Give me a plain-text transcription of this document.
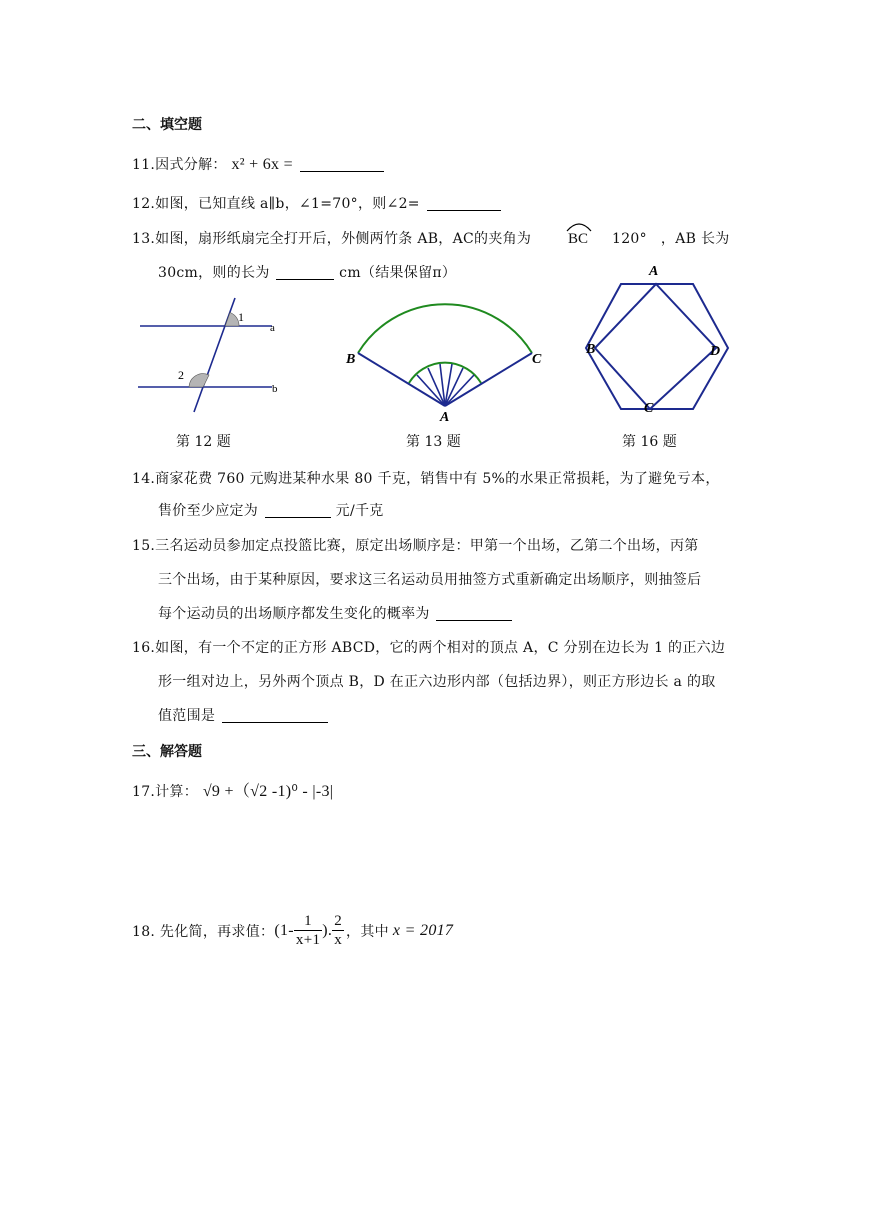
二、填空题
11.因式分解： x² + 6x =
12.如图，已知直线 a∥b，∠1=70°，则∠2=
13.如图，扇形纸扇完全打开后，外侧两竹条 AB，AC的夹角为 BC 120° ，AB 长为
30cm，则的长为	cm（结果保留π）
1
2
a
b
第 12 题
A
B	C
第 13 题
A
B
C
D
第 16 题
14.商家花费 760 元购进某种水果 80 千克，销售中有 5%的水果正常损耗，为了避免亏本，
售价至少应定为	元/千克
15.三名运动员参加定点投篮比赛，原定出场顺序是：甲第一个出场，乙第二个出场，丙第
三个出场，由于某种原因，要求这三名运动员用抽签方式重新确定出场顺序，则抽签后
每个运动员的出场顺序都发生变化的概率为
16.如图，有一个不定的正方形 ABCD，它的两个相对的顶点 A，C 分别在边长为 1 的正六边
形一组对边上，另外两个顶点 B，D 在正六边形内部（包括边界），则正方形边长 a 的取
值范围是
三、解答题
17.计算： √9 +（√2 -1)⁰ - |-3|
18. 先化简，再求值： ($1- \frac{1}{x+1}$ ). $\frac{2}{x}$ ，其中 x = 2017
